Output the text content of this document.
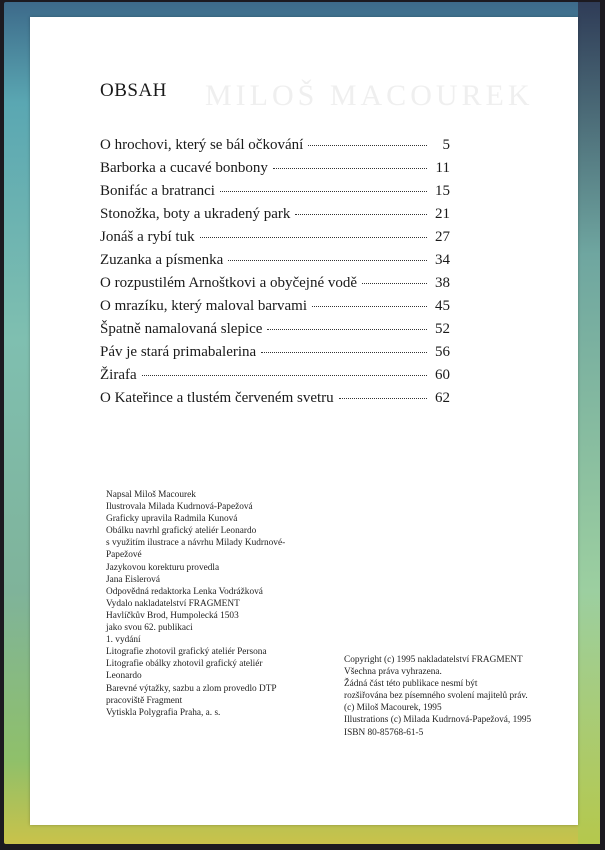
MILOŠ MACOUREK
OBSAH
O hrochovi, který se bál očkování	5
Barborka a cucavé bonbony	11
Bonifác a bratranci	15
Stonožka, boty a ukradený park	21
Jonáš a rybí tuk	27
Zuzanka a písmenka	34
O rozpustilém Arnoštkovi a obyčejné vodě	38
O mrazíku, který maloval barvami	45
Špatně namalovaná slepice	52
Páv je stará primabalerina	56
Žirafa	60
O Kateřince a tlustém červeném svetru	62
Napsal Miloš Macourek
Ilustrovala Milada Kudrnová-Papežová
Graficky upravila Radmila Kunová
Obálku navrhl grafický ateliér Leonardo
s využitím ilustrace a návrhu Milady Kudrnové-
Papežové
Jazykovou korekturu provedla
Jana Eislerová
Odpovědná redaktorka Lenka Vodrážková
Vydalo nakladatelství FRAGMENT
Havlíčkův Brod, Humpolecká 1503
jako svou 62. publikaci
1. vydání
Litografie zhotovil grafický ateliér Persona
Litografie obálky zhotovil grafický ateliér
Leonardo
Barevné výtažky, sazbu a zlom provedlo DTP
pracoviště Fragment
Vytiskla Polygrafia Praha, a. s.
Copyright (c) 1995 nakladatelství FRAGMENT
Všechna práva vyhrazena.
Žádná část této publikace nesmí být
rozšiřována bez písemného svolení majitelů práv.
(c) Miloš Macourek, 1995
Illustrations (c) Milada Kudrnová-Papežová, 1995
ISBN 80-85768-61-5
